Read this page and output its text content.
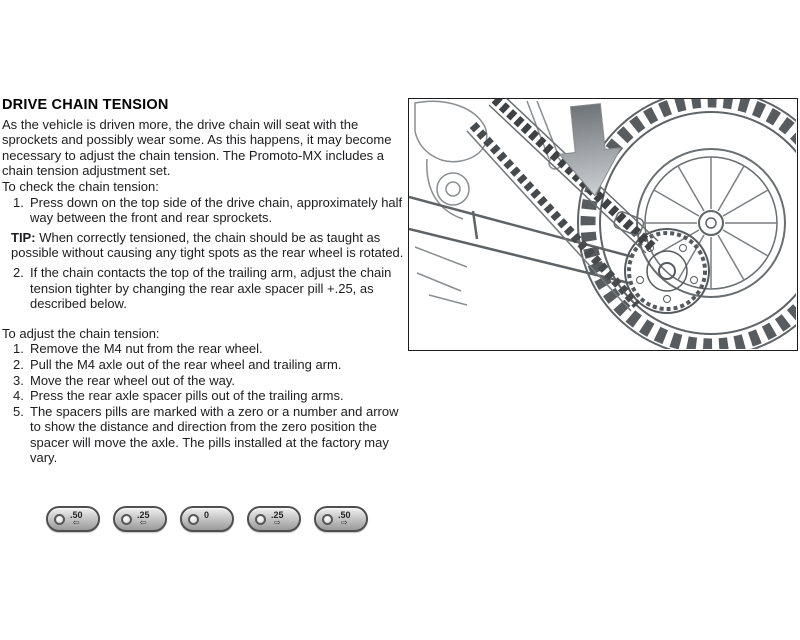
DRIVE CHAIN TENSION

As the vehicle is driven more, the drive chain will seat with the sprockets and possibly wear some. As this happens, it may become necessary to adjust the chain tension. The Promoto-MX includes a chain tension adjustment set.

To check the chain tension:

1. Press down on the top side of the drive chain, approximately half way between the front and rear sprockets.

TIP: When correctly tensioned, the chain should be as taught as possible without causing any tight spots as the rear wheel is rotated.

2. If the chain contacts the top of the trailing arm, adjust the chain tension tighter by changing the rear axle spacer pill +.25, as described below.

To adjust the chain tension:

1. Remove the M4 nut from the rear wheel.
2. Pull the M4 axle out of the rear wheel and trailing arm.
3. Move the rear wheel out of the way.
4. Press the rear axle spacer pills out of the trailing arms.
5. The spacers pills are marked with a zero or a number and arrow to show the distance and direction from the zero position the spacer will move the axle. The pills installed at the factory may vary.
.50
⇦
.25
⇦
0	.25
⇨
.50
⇨
